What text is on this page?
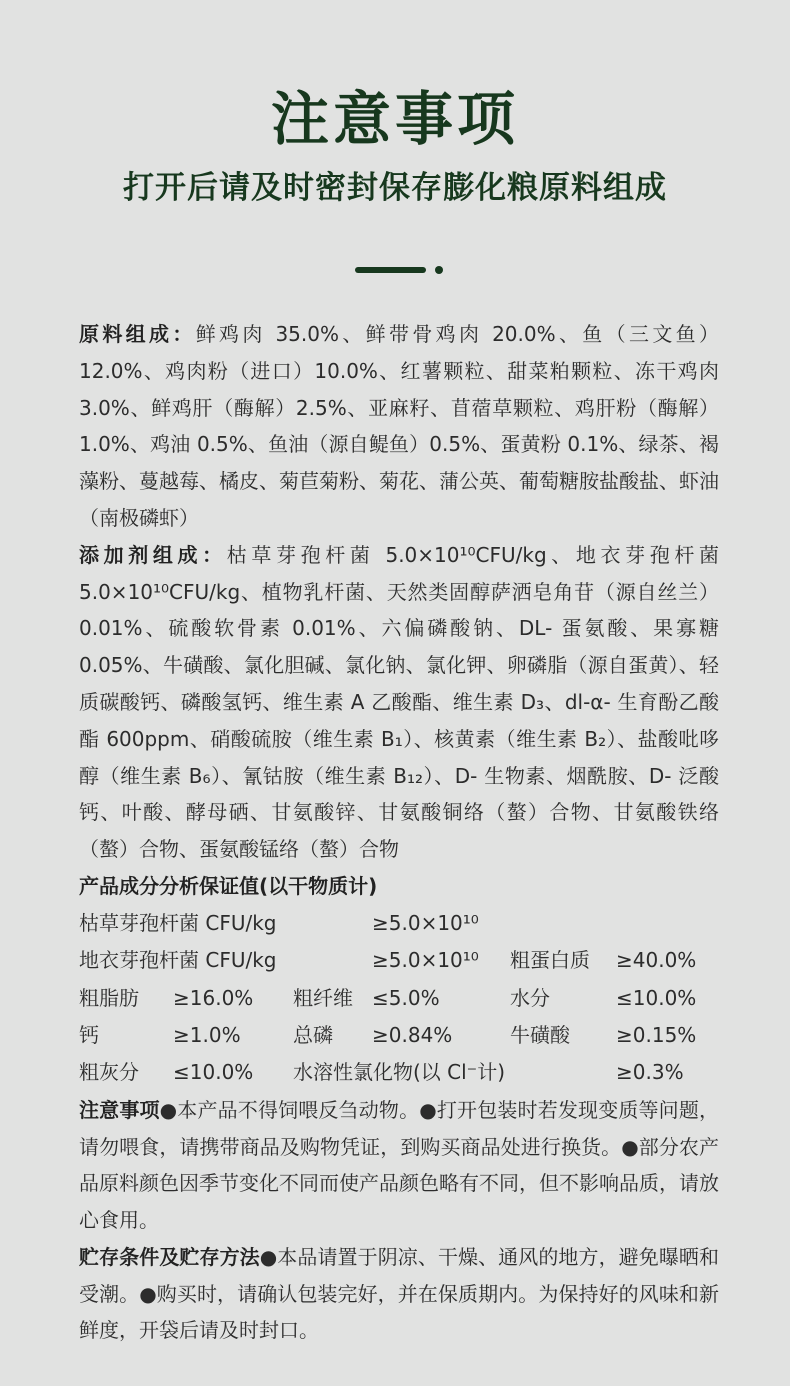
注意事项
打开后请及时密封保存膨化粮原料组成

原料组成：鲜鸡肉 35.0%、鲜带骨鸡肉 20.0%、鱼（三文鱼）12.0%、鸡肉粉（进口）10.0%、红薯颗粒、甜菜粕颗粒、冻干鸡肉 3.0%、鲜鸡肝（酶解）2.5%、亚麻籽、苜蓿草颗粒、鸡肝粉（酶解）1.0%、鸡油 0.5%、鱼油（源自鳀鱼）0.5%、蛋黄粉 0.1%、绿茶、褐藻粉、蔓越莓、橘皮、菊苣菊粉、菊花、蒲公英、葡萄糖胺盐酸盐、虾油（南极磷虾）

添加剂组成：枯草芽孢杆菌 5.0×10¹⁰CFU/kg、地衣芽孢杆菌 5.0×10¹⁰CFU/kg、植物乳杆菌、天然类固醇萨洒皂角苷（源自丝兰）0.01%、硫酸软骨素 0.01%、六偏磷酸钠、DL- 蛋氨酸、果寡糖 0.05%、牛磺酸、氯化胆碱、氯化钠、氯化钾、卵磷脂（源自蛋黄）、轻质碳酸钙、磷酸氢钙、维生素 A 乙酸酯、维生素 D₃、dl-α- 生育酚乙酸酯 600ppm、硝酸硫胺（维生素 B₁）、核黄素（维生素 B₂）、盐酸吡哆醇（维生素 B₆）、氰钴胺（维生素 B₁₂）、D- 生物素、烟酰胺、D- 泛酸钙、叶酸、酵母硒、甘氨酸锌、甘氨酸铜络（螯）合物、甘氨酸铁络（螯）合物、蛋氨酸锰络（螯）合物

产品成分分析保证值(以干物质计)

枯草芽孢杆菌 CFU/kg	≥5.0×10¹⁰
地衣芽孢杆菌 CFU/kg	≥5.0×10¹⁰ 粗蛋白质 ≥40.0%
粗脂肪 ≥16.0% 粗纤维 ≤5.0%	水分	≤10.0%
钙	≥1.0%	总磷 ≥0.84%	牛磺酸 ≥0.15%
粗灰分 ≤10.0% 水溶性氯化物(以 Cl⁻计)	≥0.3%

注意事项●本产品不得饲喂反刍动物。●打开包装时若发现变质等问题，请勿喂食，请携带商品及购物凭证，到购买商品处进行换货。●部分农产品原料颜色因季节变化不同而使产品颜色略有不同，但不影响品质，请放心食用。

贮存条件及贮存方法●本品请置于阴凉、干燥、通风的地方，避免曝晒和受潮。●购买时，请确认包装完好，并在保质期内。为保持好的风味和新鲜度，开袋后请及时封口。
